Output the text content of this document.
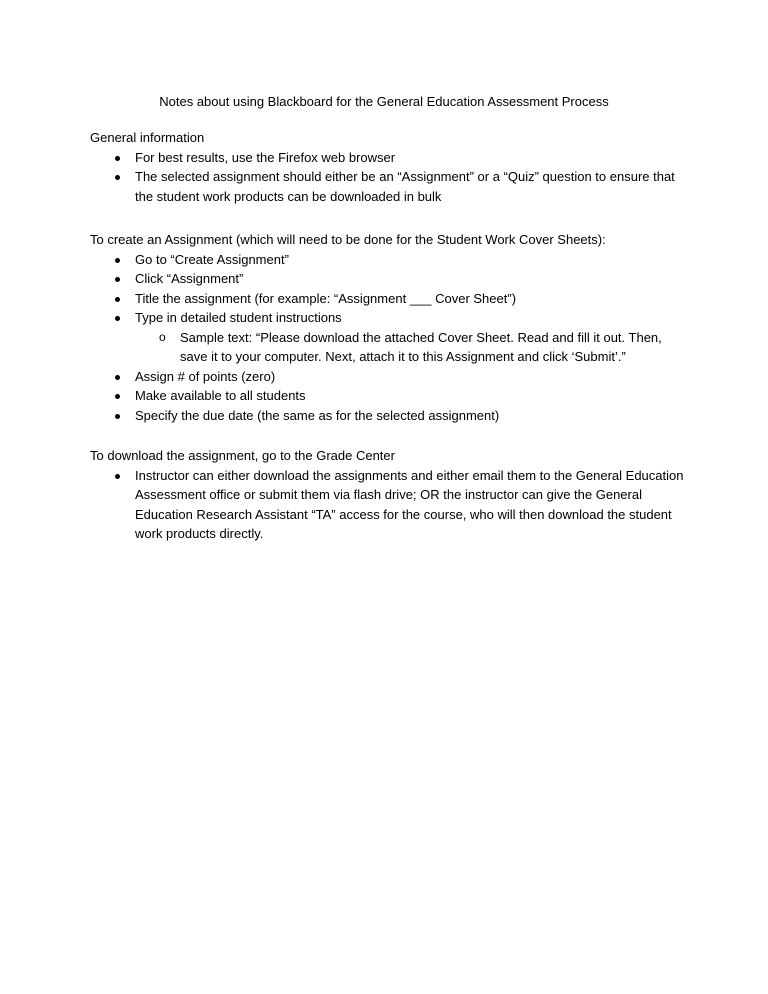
Notes about using Blackboard for the General Education Assessment Process

General information

For best results, use the Firefox web browser
The selected assignment should either be an “Assignment” or a “Quiz” question to ensure that the student work products can be downloaded in bulk

To create an Assignment (which will need to be done for the Student Work Cover Sheets):

Go to “Create Assignment”
Click “Assignment”
Title the assignment (for example: “Assignment ___ Cover Sheet”)
Type in detailed student instructions
o Sample text: “Please download the attached Cover Sheet. Read and fill it out. Then, save it to your computer. Next, attach it to this Assignment and click ‘Submit’.”
Assign # of points (zero)
Make available to all students
Specify the due date (the same as for the selected assignment)

To download the assignment, go to the Grade Center

Instructor can either download the assignments and either email them to the General Education Assessment office or submit them via flash drive; OR the instructor can give the General Education Research Assistant “TA” access for the course, who will then download the student work products directly.
